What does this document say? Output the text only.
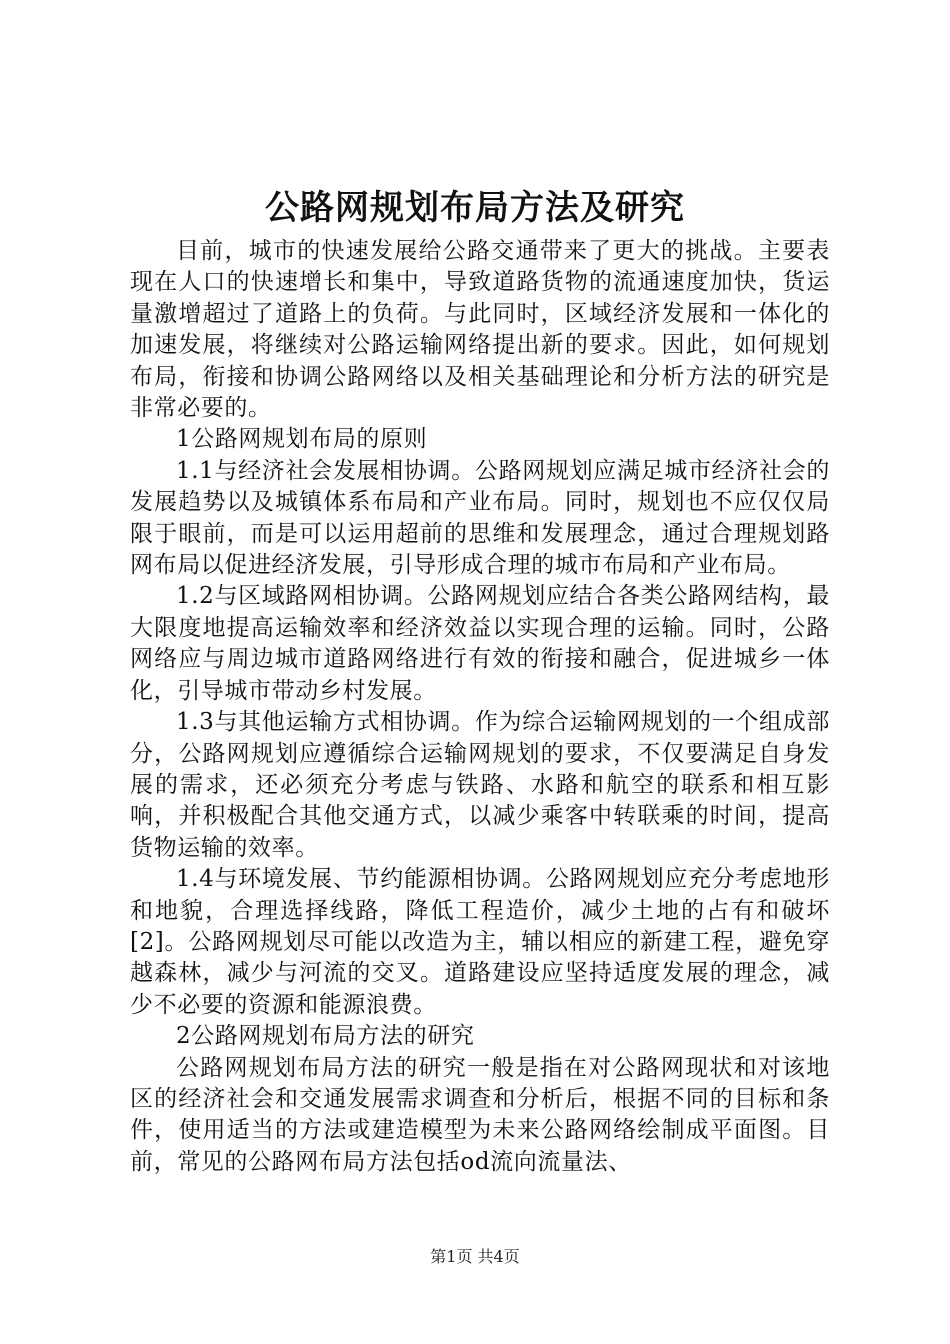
公路网规划布局方法及研究

目前，城市的快速发展给公路交通带来了更大的挑战。主要表现在人口的快速增长和集中，导致道路货物的流通速度加快，货运量激增超过了道路上的负荷。与此同时，区域经济发展和一体化的加速发展，将继续对公路运输网络提出新的要求。因此，如何规划布局，衔接和协调公路网络以及相关基础理论和分析方法的研究是非常必要的。

1公路网规划布局的原则

1.1与经济社会发展相协调。公路网规划应满足城市经济社会的发展趋势以及城镇体系布局和产业布局。同时，规划也不应仅仅局限于眼前，而是可以运用超前的思维和发展理念，通过合理规划路网布局以促进经济发展，引导形成合理的城市布局和产业布局。

1.2与区域路网相协调。公路网规划应结合各类公路网结构，最大限度地提高运输效率和经济效益以实现合理的运输。同时，公路网络应与周边城市道路网络进行有效的衔接和融合，促进城乡一体化，引导城市带动乡村发展。

1.3与其他运输方式相协调。作为综合运输网规划的一个组成部分，公路网规划应遵循综合运输网规划的要求，不仅要满足自身发展的需求，还必须充分考虑与铁路、水路和航空的联系和相互影响，并积极配合其他交通方式，以减少乘客中转联乘的时间，提高货物运输的效率。

1.4与环境发展、节约能源相协调。公路网规划应充分考虑地形和地貌，合理选择线路，降低工程造价，减少土地的占有和破坏[2]。公路网规划尽可能以改造为主，辅以相应的新建工程，避免穿越森林，减少与河流的交叉。道路建设应坚持适度发展的理念，减少不必要的资源和能源浪费。

2公路网规划布局方法的研究

公路网规划布局方法的研究一般是指在对公路网现状和对该地区的经济社会和交通发展需求调查和分析后，根据不同的目标和条件，使用适当的方法或建造模型为未来公路网络绘制成平面图。目前，常见的公路网布局方法包括od流向流量法、

第1页 共4页
